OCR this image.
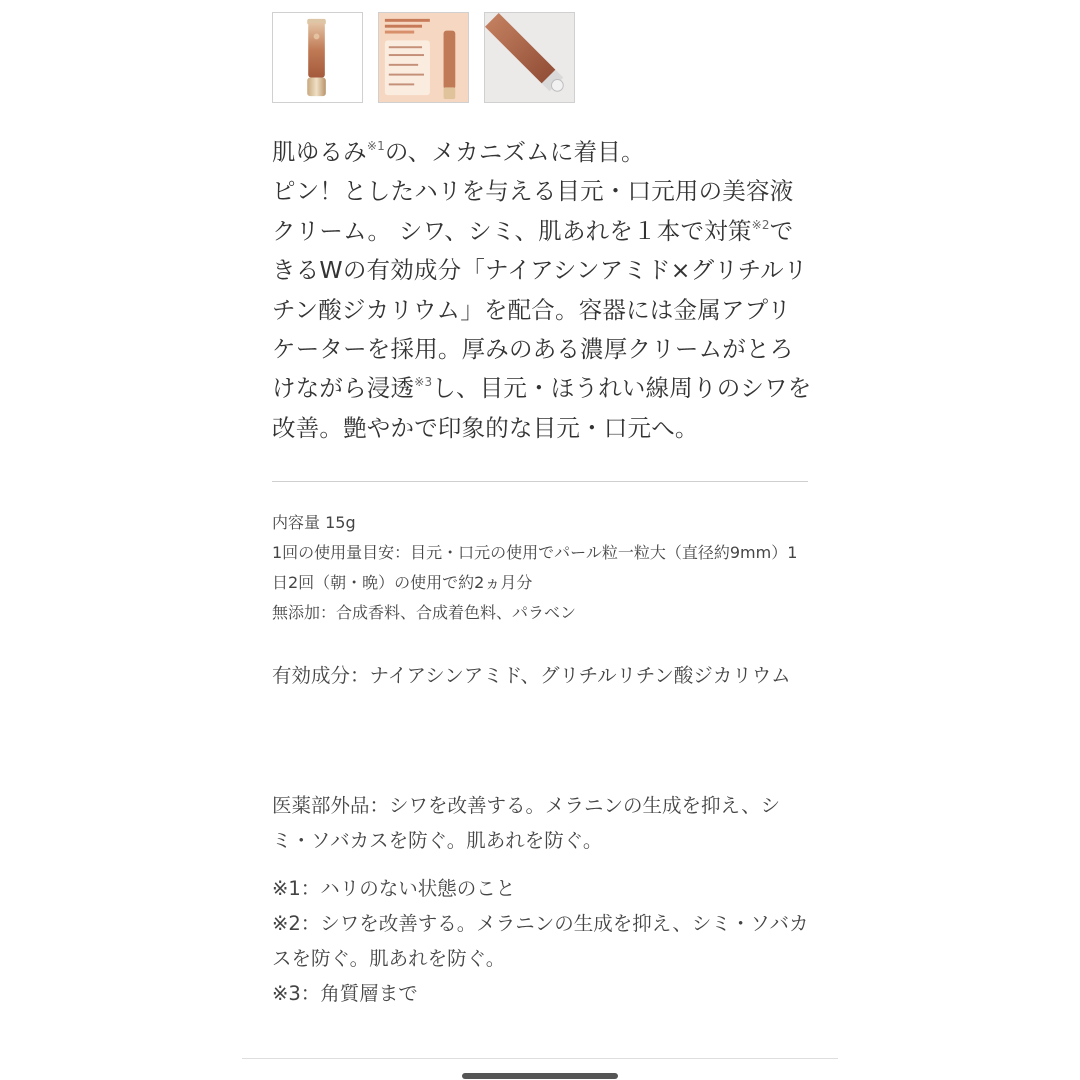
肌ゆるみ$^{※1}$の、メカニズムに着目。

ピン！としたハリを与える目元・口元用の美容液クリーム。 シワ、シミ、肌あれを１本で対策$^{※2}$できるWの有効成分「ナイアシンアミド×グリチルリチン酸ジカリウム」を配合。容器には金属アプリケーターを採用。厚みのある濃厚クリームがとろけながら浸透$^{※3}$し、目元・ほうれい線周りのシワを改善。艶やかで印象的な目元・口元へ。

内容量 15g

1回の使用量目安：目元・口元の使用でパール粒一粒大（直径約9mm）1日2回（朝・晩）の使用で約2ヵ月分

無添加：合成香料、合成着色料、パラベン

有効成分：ナイアシンアミド、グリチルリチン酸ジカリウム

医薬部外品：シワを改善する。メラニンの生成を抑え、シミ・ソバカスを防ぐ。肌あれを防ぐ。

※1：ハリのない状態のこと

※2：シワを改善する。メラニンの生成を抑え、シミ・ソバカスを防ぐ。肌あれを防ぐ。

※3：角質層まで
